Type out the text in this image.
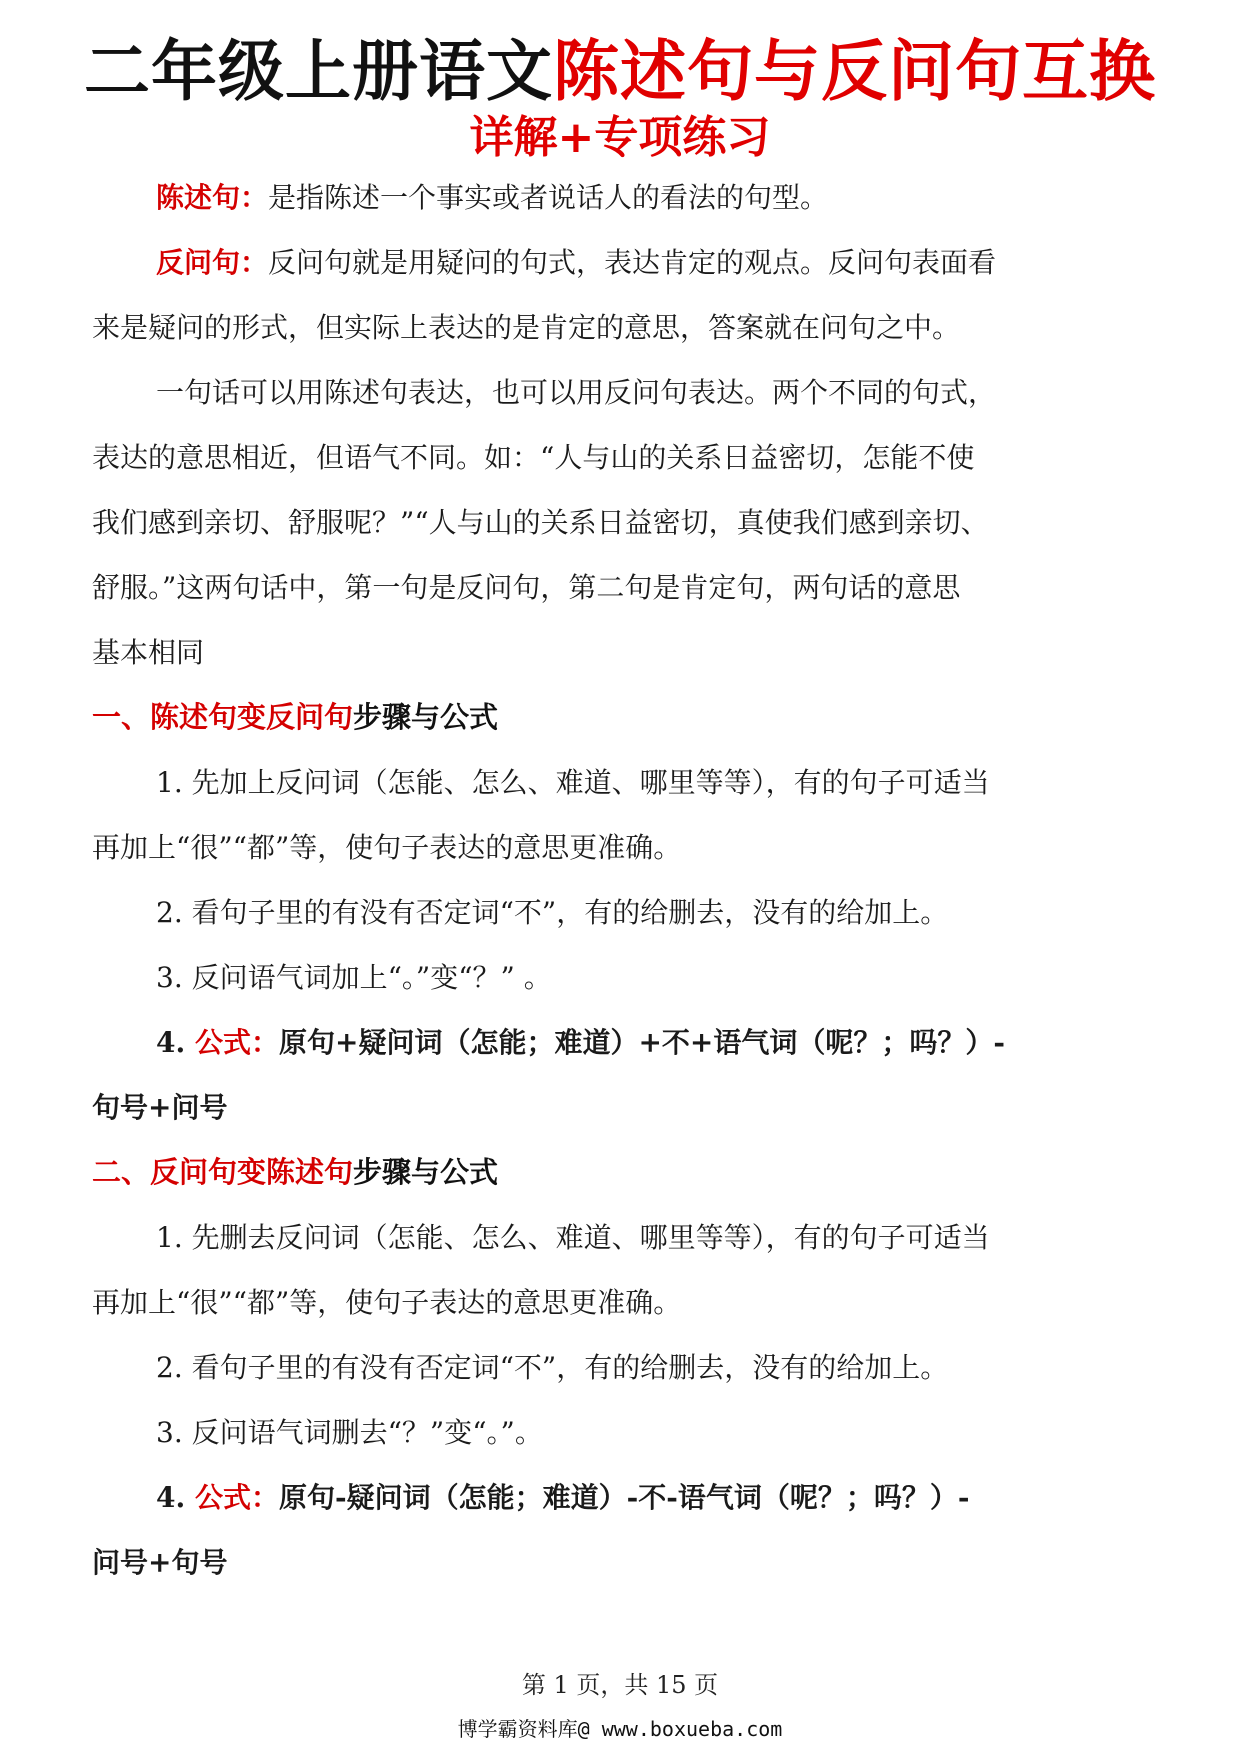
二年级上册语文陈述句与反问句互换
详解+专项练习

陈述句：是指陈述一个事实或者说话人的看法的句型。

反问句：反问句就是用疑问的句式，表达肯定的观点。反问句表面看

来是疑问的形式，但实际上表达的是肯定的意思，答案就在问句之中。

一句话可以用陈述句表达，也可以用反问句表达。两个不同的句式，

表达的意思相近，但语气不同。如：“人与山的关系日益密切，怎能不使

我们感到亲切、舒服呢？”“人与山的关系日益密切，真使我们感到亲切、

舒服。”这两句话中，第一句是反问句，第二句是肯定句，两句话的意思

基本相同

一、陈述句变反问句步骤与公式

1. 先加上反问词（怎能、怎么、难道、哪里等等），有的句子可适当

再加上“很”“都”等，使句子表达的意思更准确。

2. 看句子里的有没有否定词“不”，有的给删去，没有的给加上。

3. 反问语气词加上“。”变“？” 。

4. 公式：原句+疑问词（怎能；难道）+不+语气词（呢？；吗？）-

句号+问号

二、反问句变陈述句步骤与公式

1. 先删去反问词（怎能、怎么、难道、哪里等等），有的句子可适当

再加上“很”“都”等，使句子表达的意思更准确。

2. 看句子里的有没有否定词“不”，有的给删去，没有的给加上。

3. 反问语气词删去“？”变“。”。

4. 公式：原句-疑问词（怎能；难道）-不-语气词（呢？；吗？）-

问号+句号

第 1 页，共 15 页
博学霸资料库@ www.boxueba.com
